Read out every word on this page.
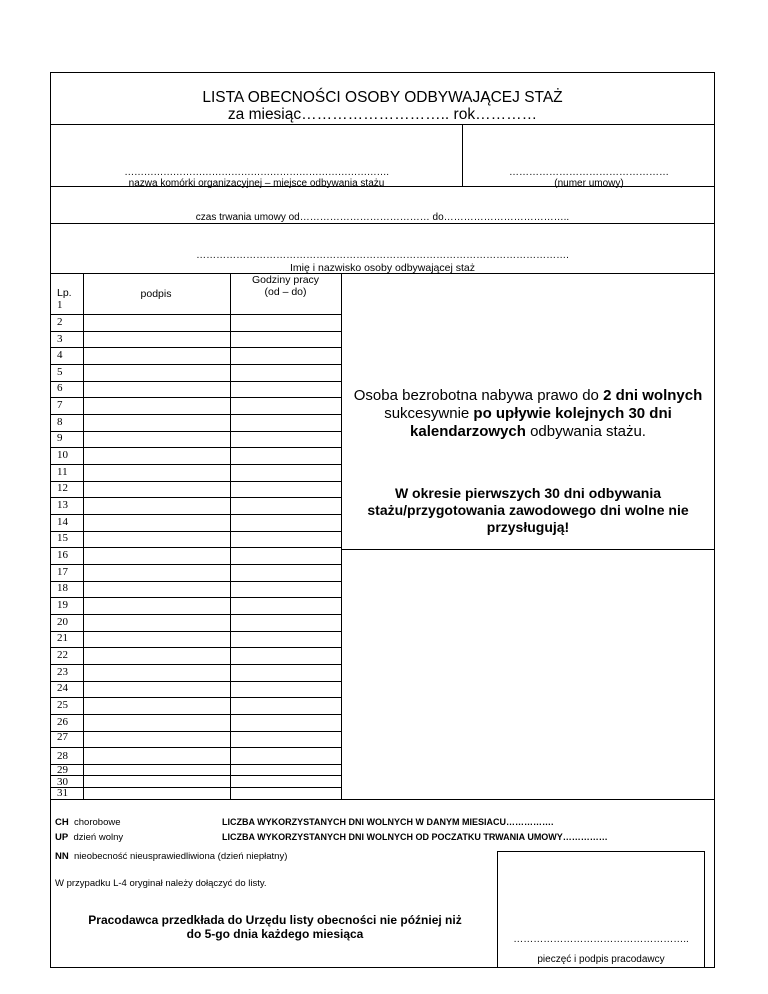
LISTA OBECNOŚCI OSOBY ODBYWAJĄCEJ STAŻ
za miesiąc……………………….. rok…………
……………………………………………………………………….
nazwa komórki organizacyjnej – miejsce odbywania stażu
…………………………………………
(numer umowy)
czas trwania umowy od………………………………… do………………………………..
………………………………………………………………………………………………….
Imię i nazwisko osoby odbywającej staż
Lp.	podpis
Godziny pracy
(od – do)
1
2
3
4
5
6
7
8
9
10
11
12
13
14
15
16
17
18
19
20
21
22
23
24
25
26
27
28
29
30
31
Osoba bezrobotna nabywa prawo do 2 dni wolnych
sukcesywnie po upływie kolejnych 30 dni
kalendarzowych odbywania stażu.
W okresie pierwszych 30 dni odbywania
stażu/przygotowania zawodowego dni wolne nie
przysługują!
CH chorobowe
UP dzień wolny
NN nieobecność nieusprawiedliwiona (dzień niepłatny)
LICZBA WYKORZYSTANYCH DNI WOLNYCH W DANYM MIESIACU…………….
LICZBA WYKORZYSTANYCH DNI WOLNYCH OD POCZATKU TRWANIA UMOWY……………
W przypadku L-4 oryginał należy dołączyć do listy.
Pracodawca przedkłada do Urzędu listy obecności nie później niż
do 5-go dnia każdego miesiąca	……………………………………………..
pieczęć i podpis pracodawcy
